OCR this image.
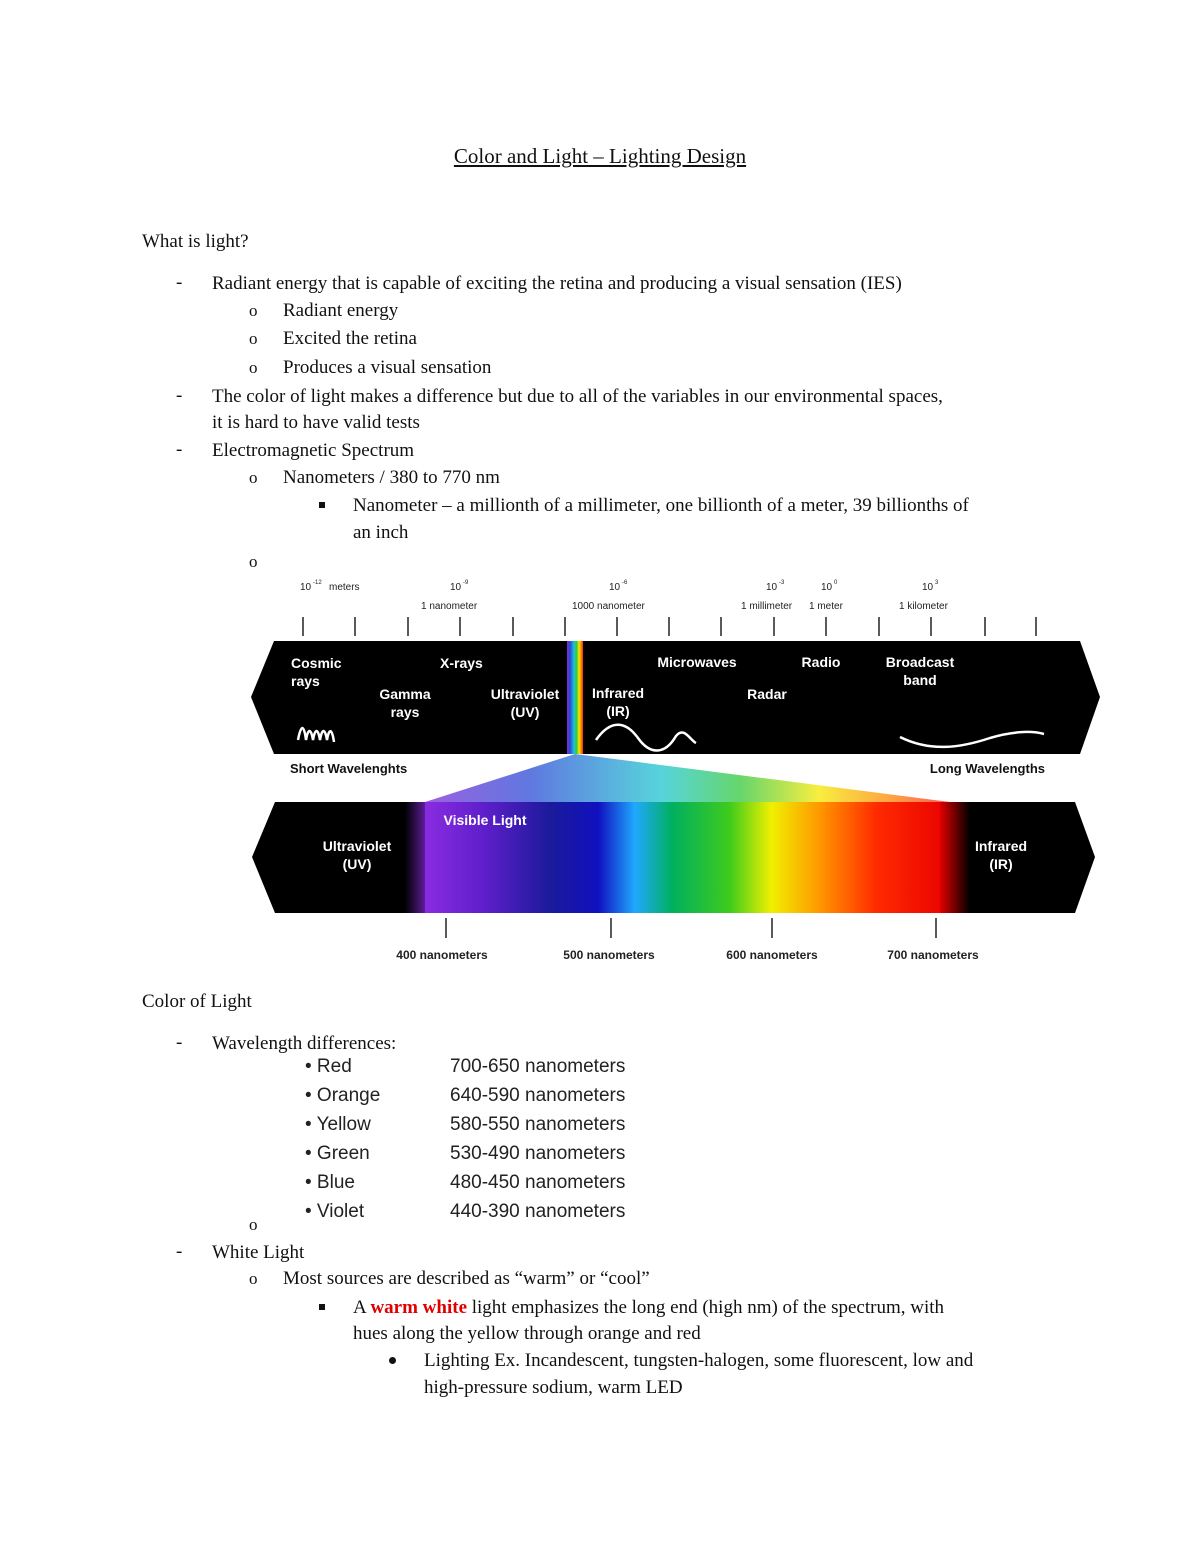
Color and Light – Lighting Design
What is light?
- Radiant energy that is capable of exciting the retina and producing a visual sensation (IES)
o Radiant energy
o Excited the retina
o Produces a visual sensation
- The color of light makes a difference but due to all of the variables in our environmental spaces,
it is hard to have valid tests
- Electromagnetic Spectrum
o Nanometers / 380 to 770 nm
Nanometer – a millionth of a millimeter, one billionth of a meter, 39 billionths of
an inch
o
10 -12 meters	10 -9
1 nanometer
10 -6
1000 nanometer
10 -3
1 millimeter
10 0
1 meter
10 3
1 kilometer
Cosmic
rays
X-rays
Gamma
rays
Ultraviolet
(UV)
Infrared
(IR)
Microwaves	Radio
Radar
Broadcast
band
Short Wavelenghts	Long Wavelengths
Visible Light
Ultraviolet
(UV)
Infrared
(IR)
400 nanometers	500 nanometers	600 nanometers	700 nanometers
Color of Light
- Wavelength differences:
• Red	700-650 nanometers
• Orange	640-590 nanometers
• Yellow	580-550 nanometers
• Green	530-490 nanometers
• Blue	480-450 nanometers
• Violet	440-390 nanometers
o
- White Light
o Most sources are described as “warm” or “cool”
A warm white light emphasizes the long end (high nm) of the spectrum, with
hues along the yellow through orange and red
Lighting Ex. Incandescent, tungsten-halogen, some fluorescent, low and
high-pressure sodium, warm LED
